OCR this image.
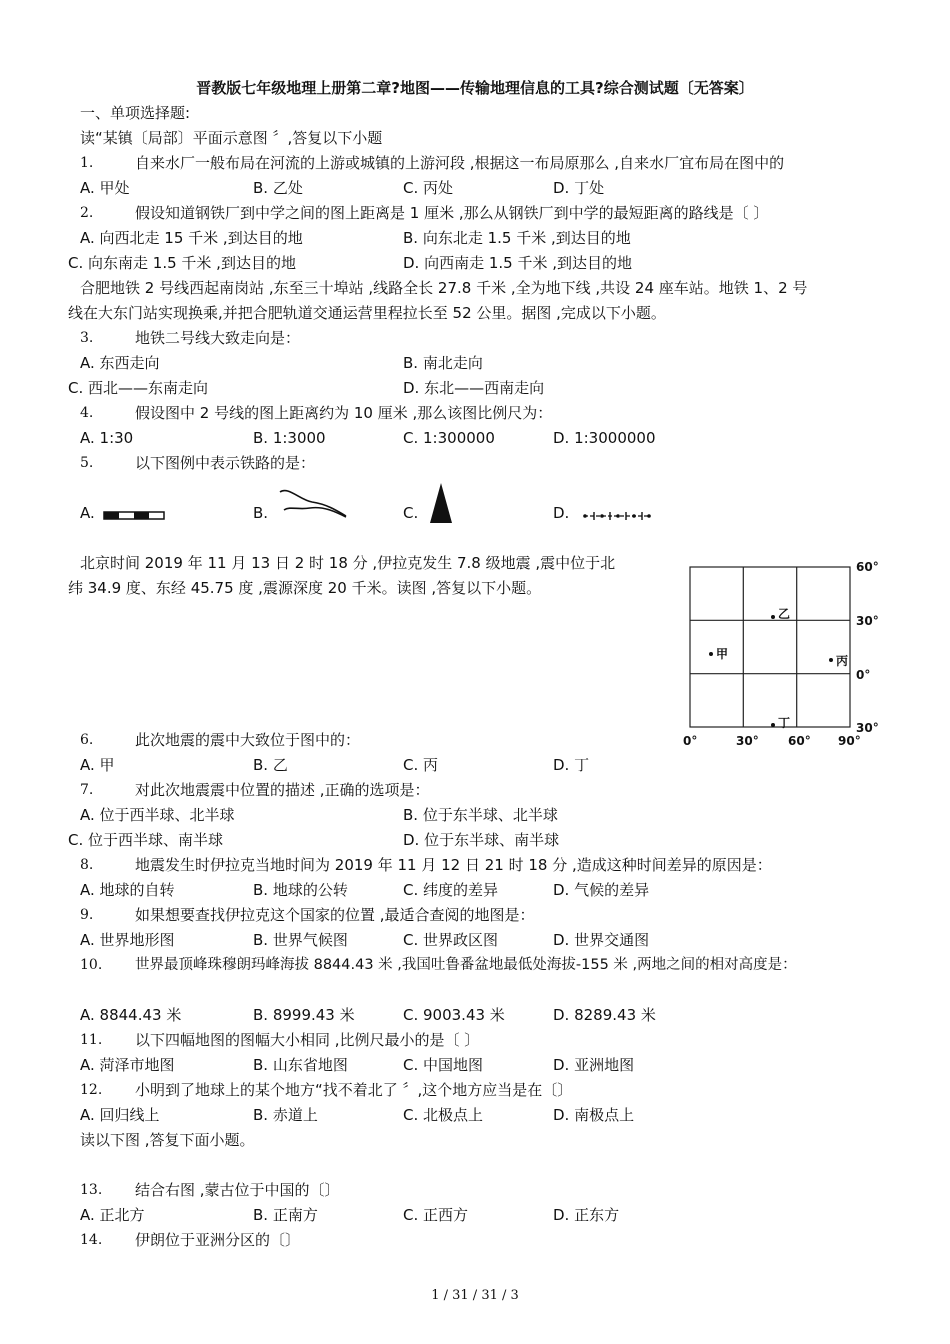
晋教版七年级地理上册第二章?地图——传输地理信息的工具?综合测试题〔无答案〕
一、单项选择题:
读“某镇〔局部〕平面示意图 〞,答复以下小题
1.	自来水厂一般布局在河流的上游或城镇的上游河段 ,根据这一布局原那么 ,自来水厂宜布局在图中的
A. 甲处	B. 乙处	C. 丙处	D. 丁处
2.	假设知道钢铁厂到中学之间的图上距离是 1 厘米 ,那么从钢铁厂到中学的最短距离的路线是〔 〕
A. 向西北走 15 千米 ,到达目的地	B. 向东北走 1.5 千米 ,到达目的地
C. 向东南走 1.5 千米 ,到达目的地	D. 向西南走 1.5 千米 ,到达目的地
合肥地铁 2 号线西起南岗站 ,东至三十埠站 ,线路全长 27.8 千米 ,全为地下线 ,共设 24 座车站。地铁 1、2 号
线在大东门站实现换乘,并把合肥轨道交通运营里程拉长至 52 公里。据图 ,完成以下小题。
3.	地铁二号线大致走向是：
A. 东西走向	B. 南北走向
C. 西北——东南走向	D. 东北——西南走向
4.	假设图中 2 号线的图上距离约为 10 厘米 ,那么该图比例尺为：
A. 1:30	B. 1:3000	C. 1:300000	D. 1:3000000
5.	以下图例中表示铁路的是：
A.	B.	C.	D.
北京时间 2019 年 11 月 13 日 2 时 18 分 ,伊拉克发生 7.8 级地震 ,震中位于北
纬 34.9 度、东经 45.75 度 ,震源深度 20 千米。读图 ,答复以下小题。
60°
30°
0°
30°
0°	30° 60° 90°
甲
乙
丙
丁
6.	此次地震的震中大致位于图中的：
A. 甲	B. 乙	C. 丙	D. 丁
7.	对此次地震震中位置的描述 ,正确的选项是：
A. 位于西半球、北半球	B. 位于东半球、北半球
C. 位于西半球、南半球	D. 位于东半球、南半球
8.	地震发生时伊拉克当地时间为 2019 年 11 月 12 日 21 时 18 分 ,造成这种时间差异的原因是：
A. 地球的自转	B. 地球的公转	C. 纬度的差异	D. 气候的差异
9.	如果想要查找伊拉克这个国家的位置 ,最适合查阅的地图是：
A. 世界地形图	B. 世界气候图	C. 世界政区图	D. 世界交通图
10. 世界最顶峰珠穆朗玛峰海拔 8844.43 米 ,我国吐鲁番盆地最低处海拔-155 米 ,两地之间的相对高度是：
A. 8844.43 米	B. 8999.43 米	C. 9003.43 米	D. 8289.43 米
11. 以下四幅地图的图幅大小相同 ,比例尺最小的是〔 〕
A. 菏泽市地图	B. 山东省地图	C. 中国地图	D. 亚洲地图
12. 小明到了地球上的某个地方“找不着北了 〞,这个地方应当是在〔〕
A. 回归线上	B. 赤道上	C. 北极点上	D. 南极点上
读以下图 ,答复下面小题。
13. 结合右图 ,蒙古位于中国的〔〕
A. 正北方	B. 正南方	C. 正西方	D. 正东方
14. 伊朗位于亚洲分区的〔〕
1 / 31 / 31 / 3
